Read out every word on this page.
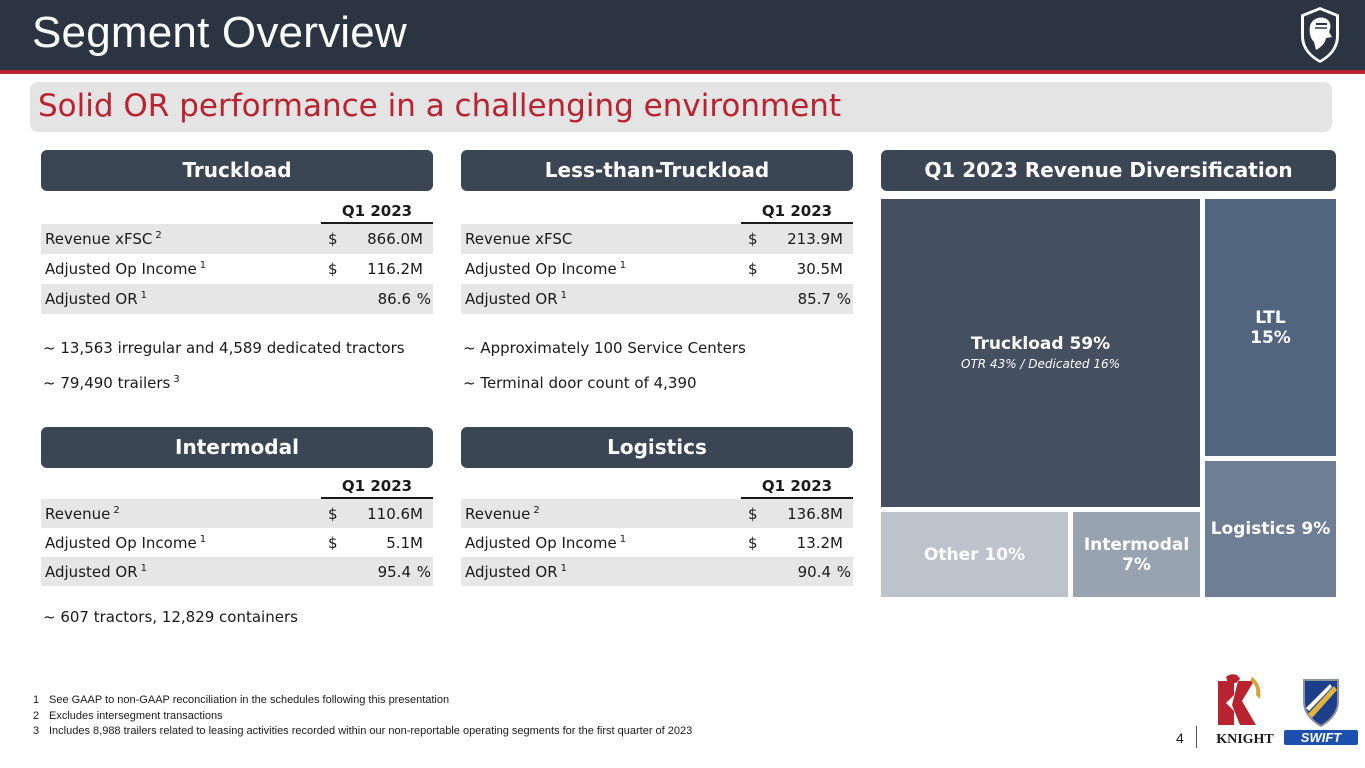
Segment Overview
Solid OR performance in a challenging environment
Truckload
Q1 2023
Revenue xFSC $^2$	$ 866.0M
Adjusted Op Income $^1$	$ 116.2M
Adjusted OR $^1$	86.6 %
~ 13,563 irregular and 4,589 dedicated tractors
~ 79,490 trailers $^3$
Less-than-Truckload
Q1 2023
Revenue xFSC	$ 213.9M
Adjusted Op Income $^1$	$	30.5M
Adjusted OR $^1$	85.7 %
~ Approximately 100 Service Centers
~ Terminal door count of 4,390
Intermodal
Q1 2023
Revenue $^2$	$ 110.6M
Adjusted Op Income $^1$	$	5.1M
Adjusted OR $^1$	95.4 %
~ 607 tractors, 12,829 containers
Logistics
Q1 2023
Revenue $^2$	$ 136.8M
Adjusted Op Income $^1$	$	13.2M
Adjusted OR $^1$	90.4 %
Q1 2023 Revenue Diversification
Truckload 59%
OTR 43% / Dedicated 16%
LTL
15%
Logistics 9%
Other 10%	Intermodal
7%
1 See GAAP to non-GAAP reconciliation in the schedules following this presentation
2 Excludes intersegment transactions
3 Includes 8,988 trailers related to leasing activities recorded within our non-reportable operating segments for the first quarter of 2023	4 KNIGHT SWIFT
